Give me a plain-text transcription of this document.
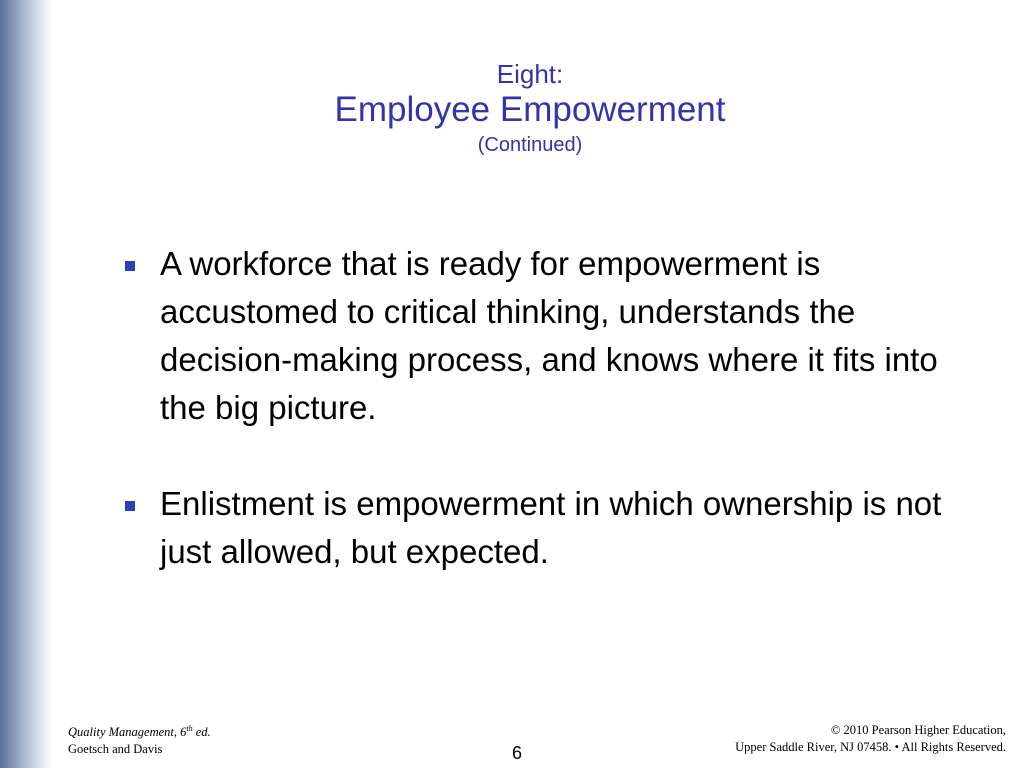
Eight:
Employee Empowerment
(Continued)
A workforce that is ready for empowerment is accustomed to critical thinking, understands the decision-making process, and knows where it fits into the big picture.
Enlistment is empowerment in which ownership is not just allowed, but expected.
Quality Management, 6th ed.
Goetsch and Davis	6
© 2010 Pearson Higher Education,
Upper Saddle River, NJ 07458. • All Rights Reserved.
